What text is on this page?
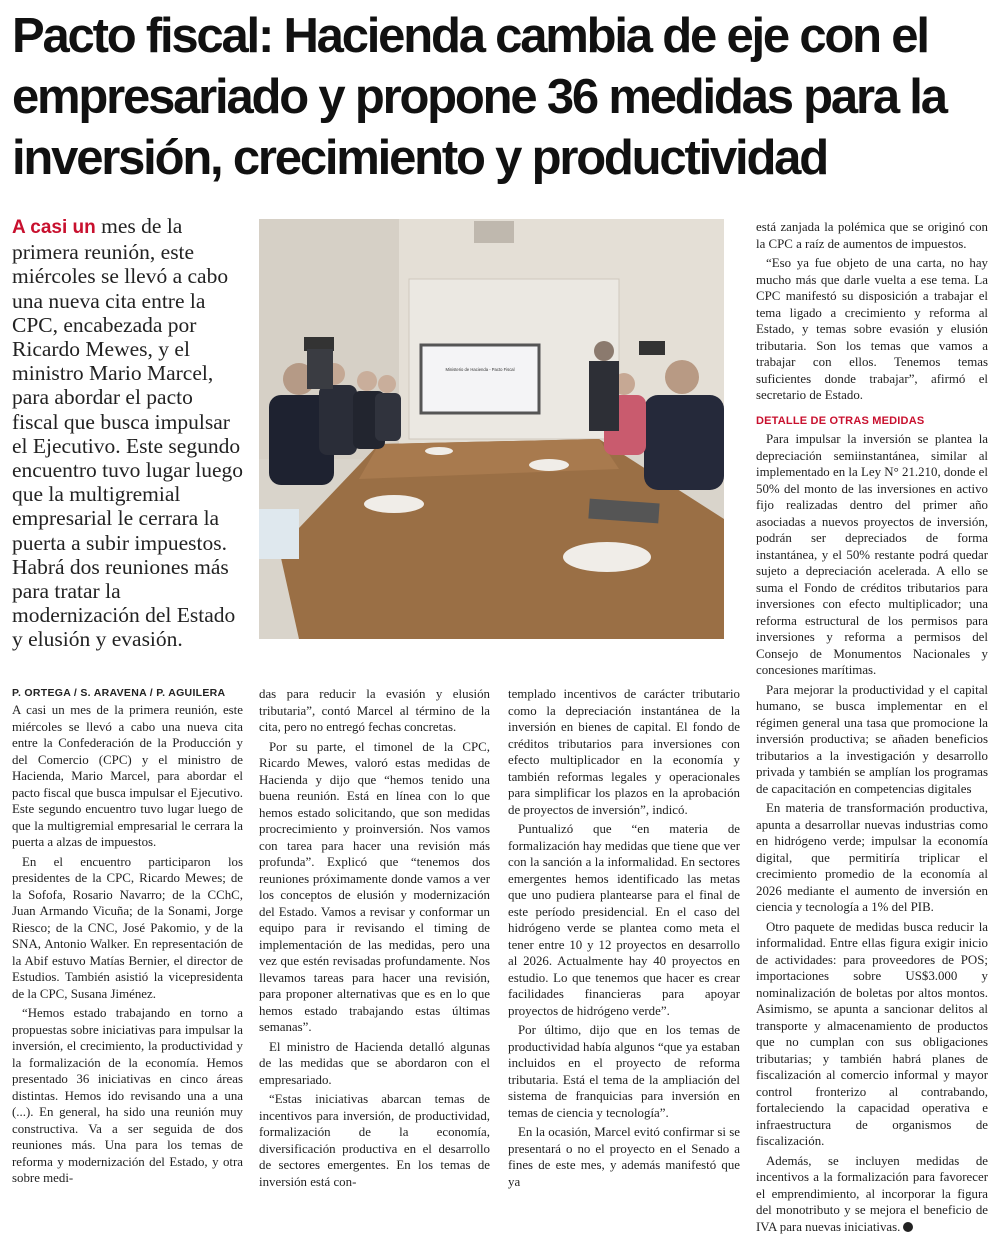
Pacto fiscal: Hacienda cambia de eje con el empresariado y propone 36 medidas para la inversión, crecimiento y productividad

A casi un mes de la primera reunión, este miércoles se llevó a cabo una nueva cita entre la CPC, encabezada por Ricardo Mewes, y el ministro Mario Marcel, para abordar el pacto fiscal que busca impulsar el Ejecutivo. Este segundo encuentro tuvo lugar luego que la multigremial empresarial le cerrara la puerta a subir impuestos. Habrá dos reuniones más para tratar la modernización del Estado y elusión y evasión.

Ministerio de Hacienda - Pacto Fiscal

P. ORTEGA / S. ARAVENA / P. AGUILERA

A casi un mes de la primera reunión, este miércoles se llevó a cabo una nueva cita entre la Confederación de la Producción y del Comercio (CPC) y el ministro de Hacienda, Mario Marcel, para abordar el pacto fiscal que busca impulsar el Ejecutivo. Este segundo encuentro tuvo lugar luego de que la multigremial empresarial le cerrara la puerta a alzas de impuestos.

En el encuentro participaron los presidentes de la CPC, Ricardo Mewes; de la Sofofa, Rosario Navarro; de la CChC, Juan Armando Vicuña; de la Sonami, Jorge Riesco; de la CNC, José Pakomio, y de la SNA, Antonio Walker. En representación de la Abif estuvo Matías Bernier, el director de Estudios. También asistió la vicepresidenta de la CPC, Susana Jiménez.

“Hemos estado trabajando en torno a propuestas sobre iniciativas para impulsar la inversión, el crecimiento, la productividad y la formalización de la economía. Hemos presentado 36 iniciativas en cinco áreas distintas. Hemos ido revisando una a una (...). En general, ha sido una reunión muy constructiva. Va a ser seguida de dos reuniones más. Una para los temas de reforma y modernización del Estado, y otra sobre medi-

das para reducir la evasión y elusión tributaria”, contó Marcel al término de la cita, pero no entregó fechas concretas.

Por su parte, el timonel de la CPC, Ricardo Mewes, valoró estas medidas de Hacienda y dijo que “hemos tenido una buena reunión. Está en línea con lo que hemos estado solicitando, que son medidas procrecimiento y proinversión. Nos vamos con tarea para hacer una revisión más profunda”. Explicó que “tenemos dos reuniones próximamente donde vamos a ver los conceptos de elusión y modernización del Estado. Vamos a revisar y conformar un equipo para ir revisando el timing de implementación de las medidas, pero una vez que estén revisadas profundamente. Nos llevamos tareas para hacer una revisión, para proponer alternativas que es en lo que hemos estado trabajando estas últimas semanas”.

El ministro de Hacienda detalló algunas de las medidas que se abordaron con el empresariado.

“Estas iniciativas abarcan temas de incentivos para inversión, de productividad, formalización de la economía, diversificación productiva en el desarrollo de sectores emergentes. En los temas de inversión está con-

templado incentivos de carácter tributario como la depreciación instantánea de la inversión en bienes de capital. El fondo de créditos tributarios para inversiones con efecto multiplicador en la economía y también reformas legales y operacionales para simplificar los plazos en la aprobación de proyectos de inversión”, indicó.

Puntualizó que “en materia de formalización hay medidas que tiene que ver con la sanción a la informalidad. En sectores emergentes hemos identificado las metas que uno pudiera plantearse para el final de este período presidencial. En el caso del hidrógeno verde se plantea como meta el tener entre 10 y 12 proyectos en desarrollo al 2026. Actualmente hay 40 proyectos en estudio. Lo que tenemos que hacer es crear facilidades financieras para apoyar proyectos de hidrógeno verde”.

Por último, dijo que en los temas de productividad había algunos “que ya estaban incluidos en el proyecto de reforma tributaria. Está el tema de la ampliación del sistema de franquicias para inversión en temas de ciencia y tecnología”.

En la ocasión, Marcel evitó confirmar si se presentará o no el proyecto en el Senado a fines de este mes, y además manifestó que ya

está zanjada la polémica que se originó con la CPC a raíz de aumentos de impuestos.

“Eso ya fue objeto de una carta, no hay mucho más que darle vuelta a ese tema. La CPC manifestó su disposición a trabajar el tema ligado a crecimiento y reforma al Estado, y temas sobre evasión y elusión tributaria. Son los temas que vamos a trabajar con ellos. Tenemos temas suficientes donde trabajar”, afirmó el secretario de Estado.

DETALLE DE OTRAS MEDIDAS

Para impulsar la inversión se plantea la depreciación semiinstantánea, similar al implementado en la Ley N° 21.210, donde el 50% del monto de las inversiones en activo fijo realizadas dentro del primer año asociadas a nuevos proyectos de inversión, podrán ser depreciados de forma instantánea, y el 50% restante podrá quedar sujeto a depreciación acelerada. A ello se suma el Fondo de créditos tributarios para inversiones con efecto multiplicador; una reforma estructural de los permisos para inversiones y reforma a permisos del Consejo de Monumentos Nacionales y concesiones marítimas.

Para mejorar la productividad y el capital humano, se busca implementar en el régimen general una tasa que promocione la inversión productiva; se añaden beneficios tributarios a la investigación y desarrollo privada y también se amplían los programas de capacitación en competencias digitales

En materia de transformación productiva, apunta a desarrollar nuevas industrias como en hidrógeno verde; impulsar la economía digital, que permitiría triplicar el crecimiento promedio de la economía al 2026 mediante el aumento de inversión en ciencia y tecnología a 1% del PIB.

Otro paquete de medidas busca reducir la informalidad. Entre ellas figura exigir inicio de actividades: para proveedores de POS; importaciones sobre US$3.000 y nominalización de boletas por altos montos. Asimismo, se apunta a sancionar delitos al transporte y almacenamiento de productos que no cumplan con sus obligaciones tributarias; y también habrá planes de fiscalización al comercio informal y mayor control fronterizo al contrabando, fortaleciendo la capacidad operativa e infraestructura de organismos de fiscalización.

Además, se incluyen medidas de incentivos a la formalización para favorecer el emprendimiento, al incorporar la figura del monotributo y se mejora el beneficio de IVA para nuevas iniciativas.
